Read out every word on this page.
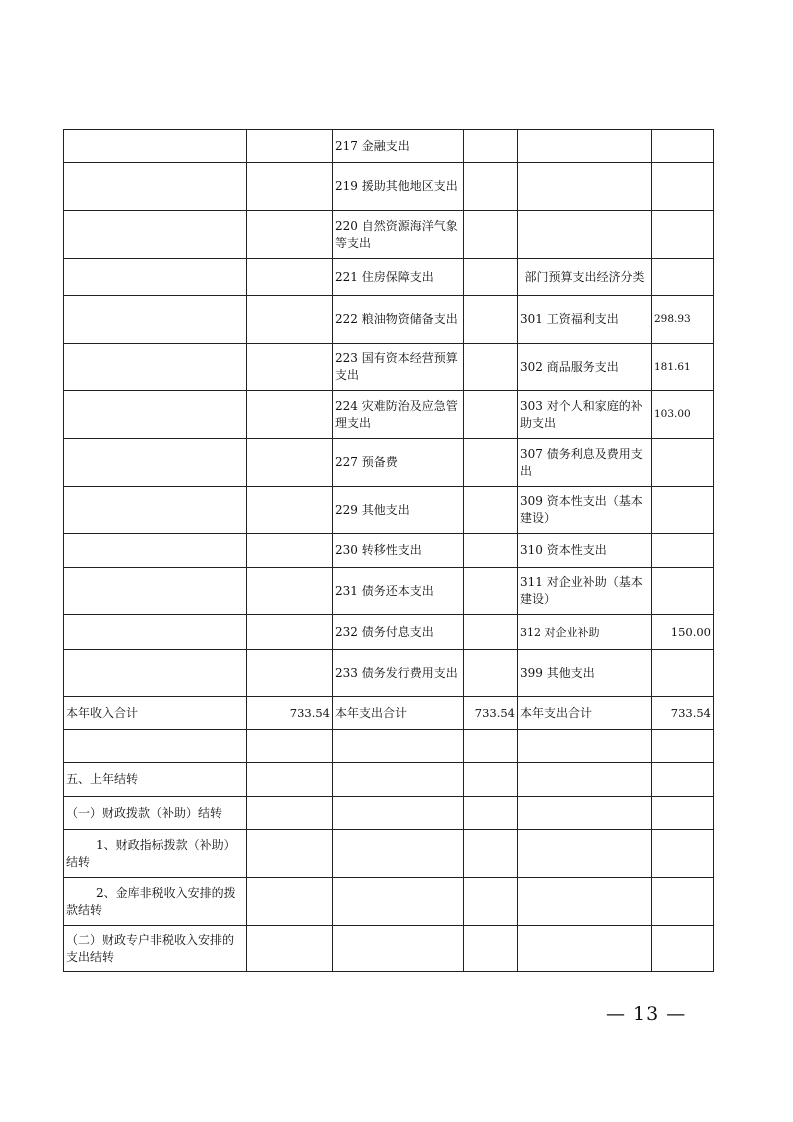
		217 金融支出			
		219 援助其他地区支出			
		220 自然资源海洋气象等支出			
		221 住房保障支出		部门预算支出经济分类	
		222 粮油物资储备支出		301 工资福利支出	298.93
		223 国有资本经营预算支出		302 商品服务支出	181.61
		224 灾难防治及应急管理支出		303 对个人和家庭的补助支出	103.00
		227 预备费		307 债务利息及费用支出	
		229 其他支出		309 资本性支出（基本建设）	
		230 转移性支出		310 资本性支出	
		231 债务还本支出		311 对企业补助（基本建设）	
		232 债务付息支出		312 对企业补助	150.00
		233 债务发行费用支出		399 其他支出	
本年收入合计	733.54	本年支出合计	733.54	本年支出合计	733.54

五、上年结转					
（一）财政拨款（补助）结转					
1、财政指标拨款（补助）结转					
2、金库非税收入安排的拨款结转					
（二）财政专户非税收入安排的支出结转					
— 13 —
